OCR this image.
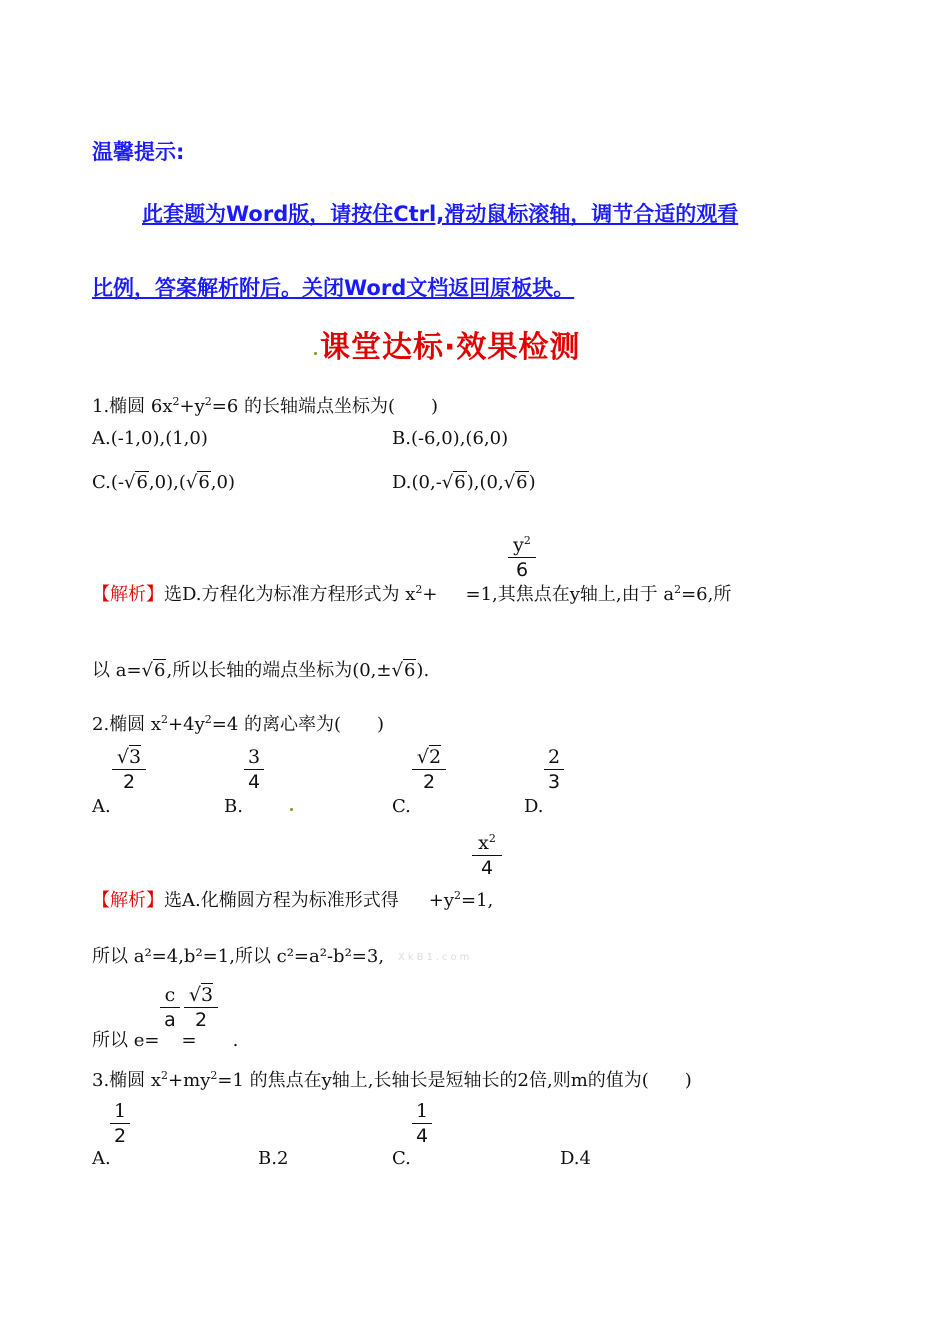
温馨提示:
此套题为Word版，请按住Ctrl,滑动鼠标滚轴，调节合适的观看
比例，答案解析附后。关闭Word文档返回原板块。
课堂达标·效果检测
1.椭圆 $6x^2+y^2=6$ 的长轴端点坐标为(　　)
A.(-1,0),(1,0)	B.(-6,0),(6,0)
C.(-√6,0),(√6,0)	D.(0,-√6),(0,√6)
$y^2$
6
【解析】选D.方程化为标准方程形式为 $x^2+ =1$,其焦点在y轴上,由于 $a^2=6$,所
以 a=√6,所以长轴的端点坐标为(0,±√6).
2.椭圆 $x^2+4y^2=4$ 的离心率为(　　)
A.
√3
2
B.
3
4
C.
√2
2
D.
2
3
$x^2$
4
【解析】选A.化椭圆方程为标准形式得 $+y^2=1$,
所以 a²=4,b²=1,所以 c²=a²-b²=3, XkB1.com
c
a
√3
2
所以 e= = .
3.椭圆 $x^2+my^2=1$ 的焦点在y轴上,长轴长是短轴长的2倍,则m的值为(　　)
A.
1
2
B.2	C.
1
4
D.4
